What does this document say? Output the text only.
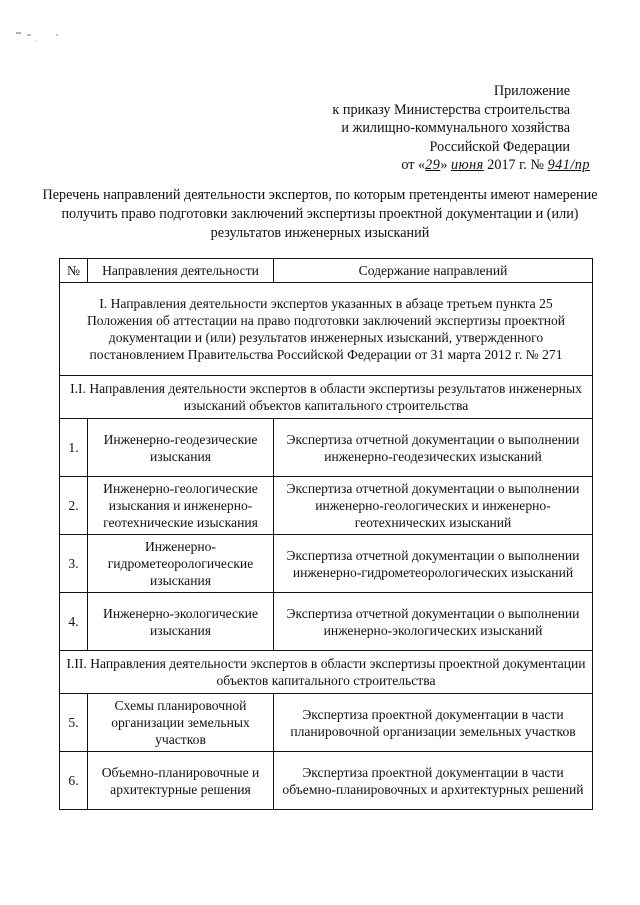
Приложение
к приказу Министерства строительства
и жилищно-коммунального хозяйства
Российской Федерации
от «29» июня 2017 г. № 941/пр
Перечень направлений деятельности экспертов, по которым претенденты имеют намерение получить право подготовки заключений экспертизы проектной документации и (или) результатов инженерных изысканий
№	Направления деятельности	Содержание направлений
I. Направления деятельности экспертов указанных в абзаце третьем пункта 25 Положения об аттестации на право подготовки заключений экспертизы проектной документации и (или) результатов инженерных изысканий, утвержденного постановлением Правительства Российской Федерации от 31 марта 2012 г. № 271		
I.I. Направления деятельности экспертов в области экспертизы результатов инженерных изысканий объектов капитального строительства		
1.	Инженерно-геодезические изыскания	Экспертиза отчетной документации о выполнении инженерно-геодезических изысканий
2.	Инженерно-геологические изыскания и инженерно-геотехнические изыскания	Экспертиза отчетной документации о выполнении инженерно-геологических и инженерно-геотехнических изысканий
3.	Инженерно-гидрометеорологические изыскания	Экспертиза отчетной документации о выполнении инженерно-гидрометеорологических изысканий
4.	Инженерно-экологические изыскания	Экспертиза отчетной документации о выполнении инженерно-экологических изысканий
I.II. Направления деятельности экспертов в области экспертизы проектной документации объектов капитального строительства		
5.	Схемы планировочной организации земельных участков	Экспертиза проектной документации в части планировочной организации земельных участков
6.	Объемно-планировочные и архитектурные решения	Экспертиза проектной документации в части объемно-планировочных и архитектурных решений
